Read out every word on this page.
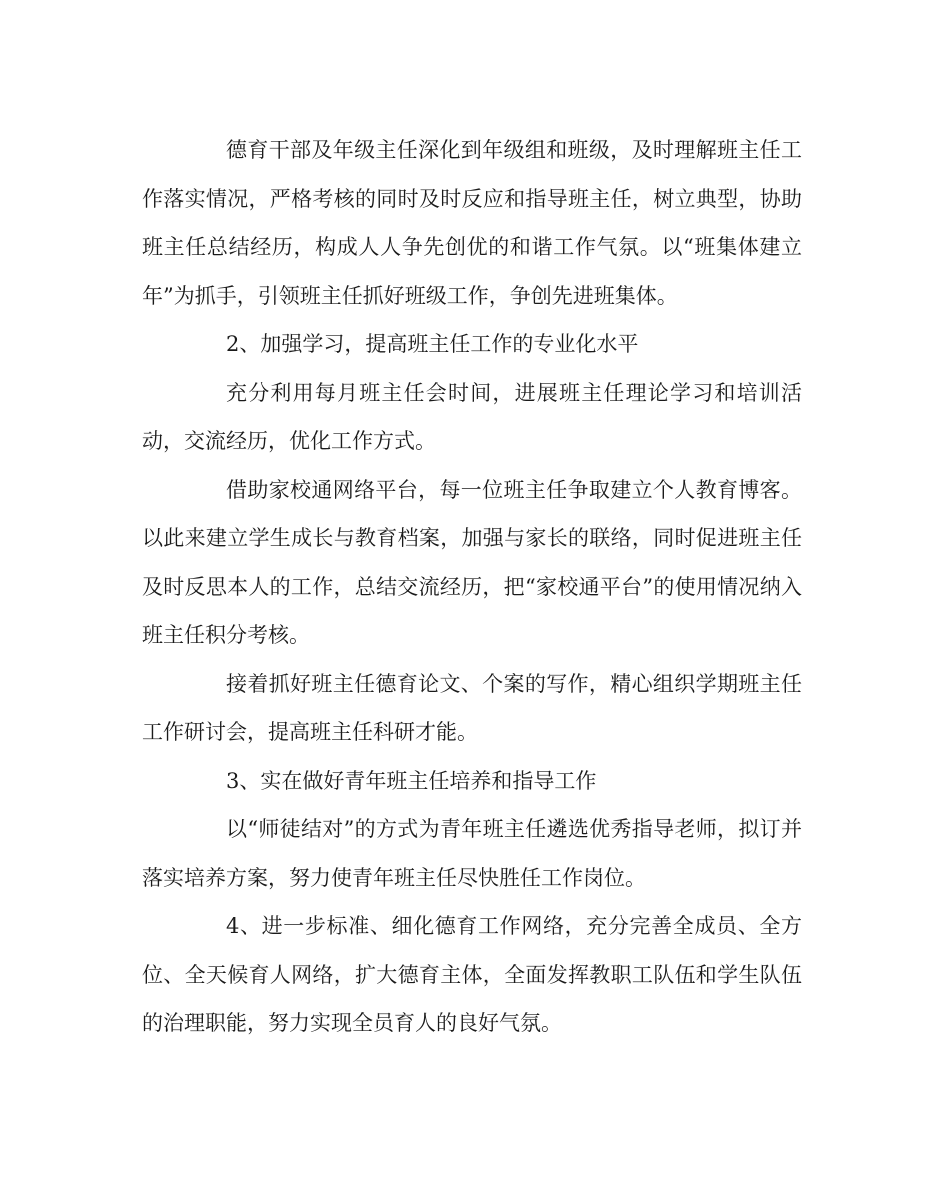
德育干部及年级主任深化到年级组和班级，及时理解班主任工作落实情况，严格考核的同时及时反应和指导班主任，树立典型，协助班主任总结经历，构成人人争先创优的和谐工作气氛。以“班集体建立年”为抓手，引领班主任抓好班级工作，争创先进班集体。

2、加强学习，提高班主任工作的专业化水平

充分利用每月班主任会时间，进展班主任理论学习和培训活动，交流经历，优化工作方式。

借助家校通网络平台，每一位班主任争取建立个人教育博客。以此来建立学生成长与教育档案，加强与家长的联络，同时促进班主任及时反思本人的工作，总结交流经历，把“家校通平台”的使用情况纳入班主任积分考核。

接着抓好班主任德育论文、个案的写作，精心组织学期班主任工作研讨会，提高班主任科研才能。

3、实在做好青年班主任培养和指导工作

以“师徒结对”的方式为青年班主任遴选优秀指导老师，拟订并落实培养方案，努力使青年班主任尽快胜任工作岗位。

4、进一步标准、细化德育工作网络，充分完善全成员、全方位、全天候育人网络，扩大德育主体，全面发挥教职工队伍和学生队伍的治理职能，努力实现全员育人的良好气氛。
